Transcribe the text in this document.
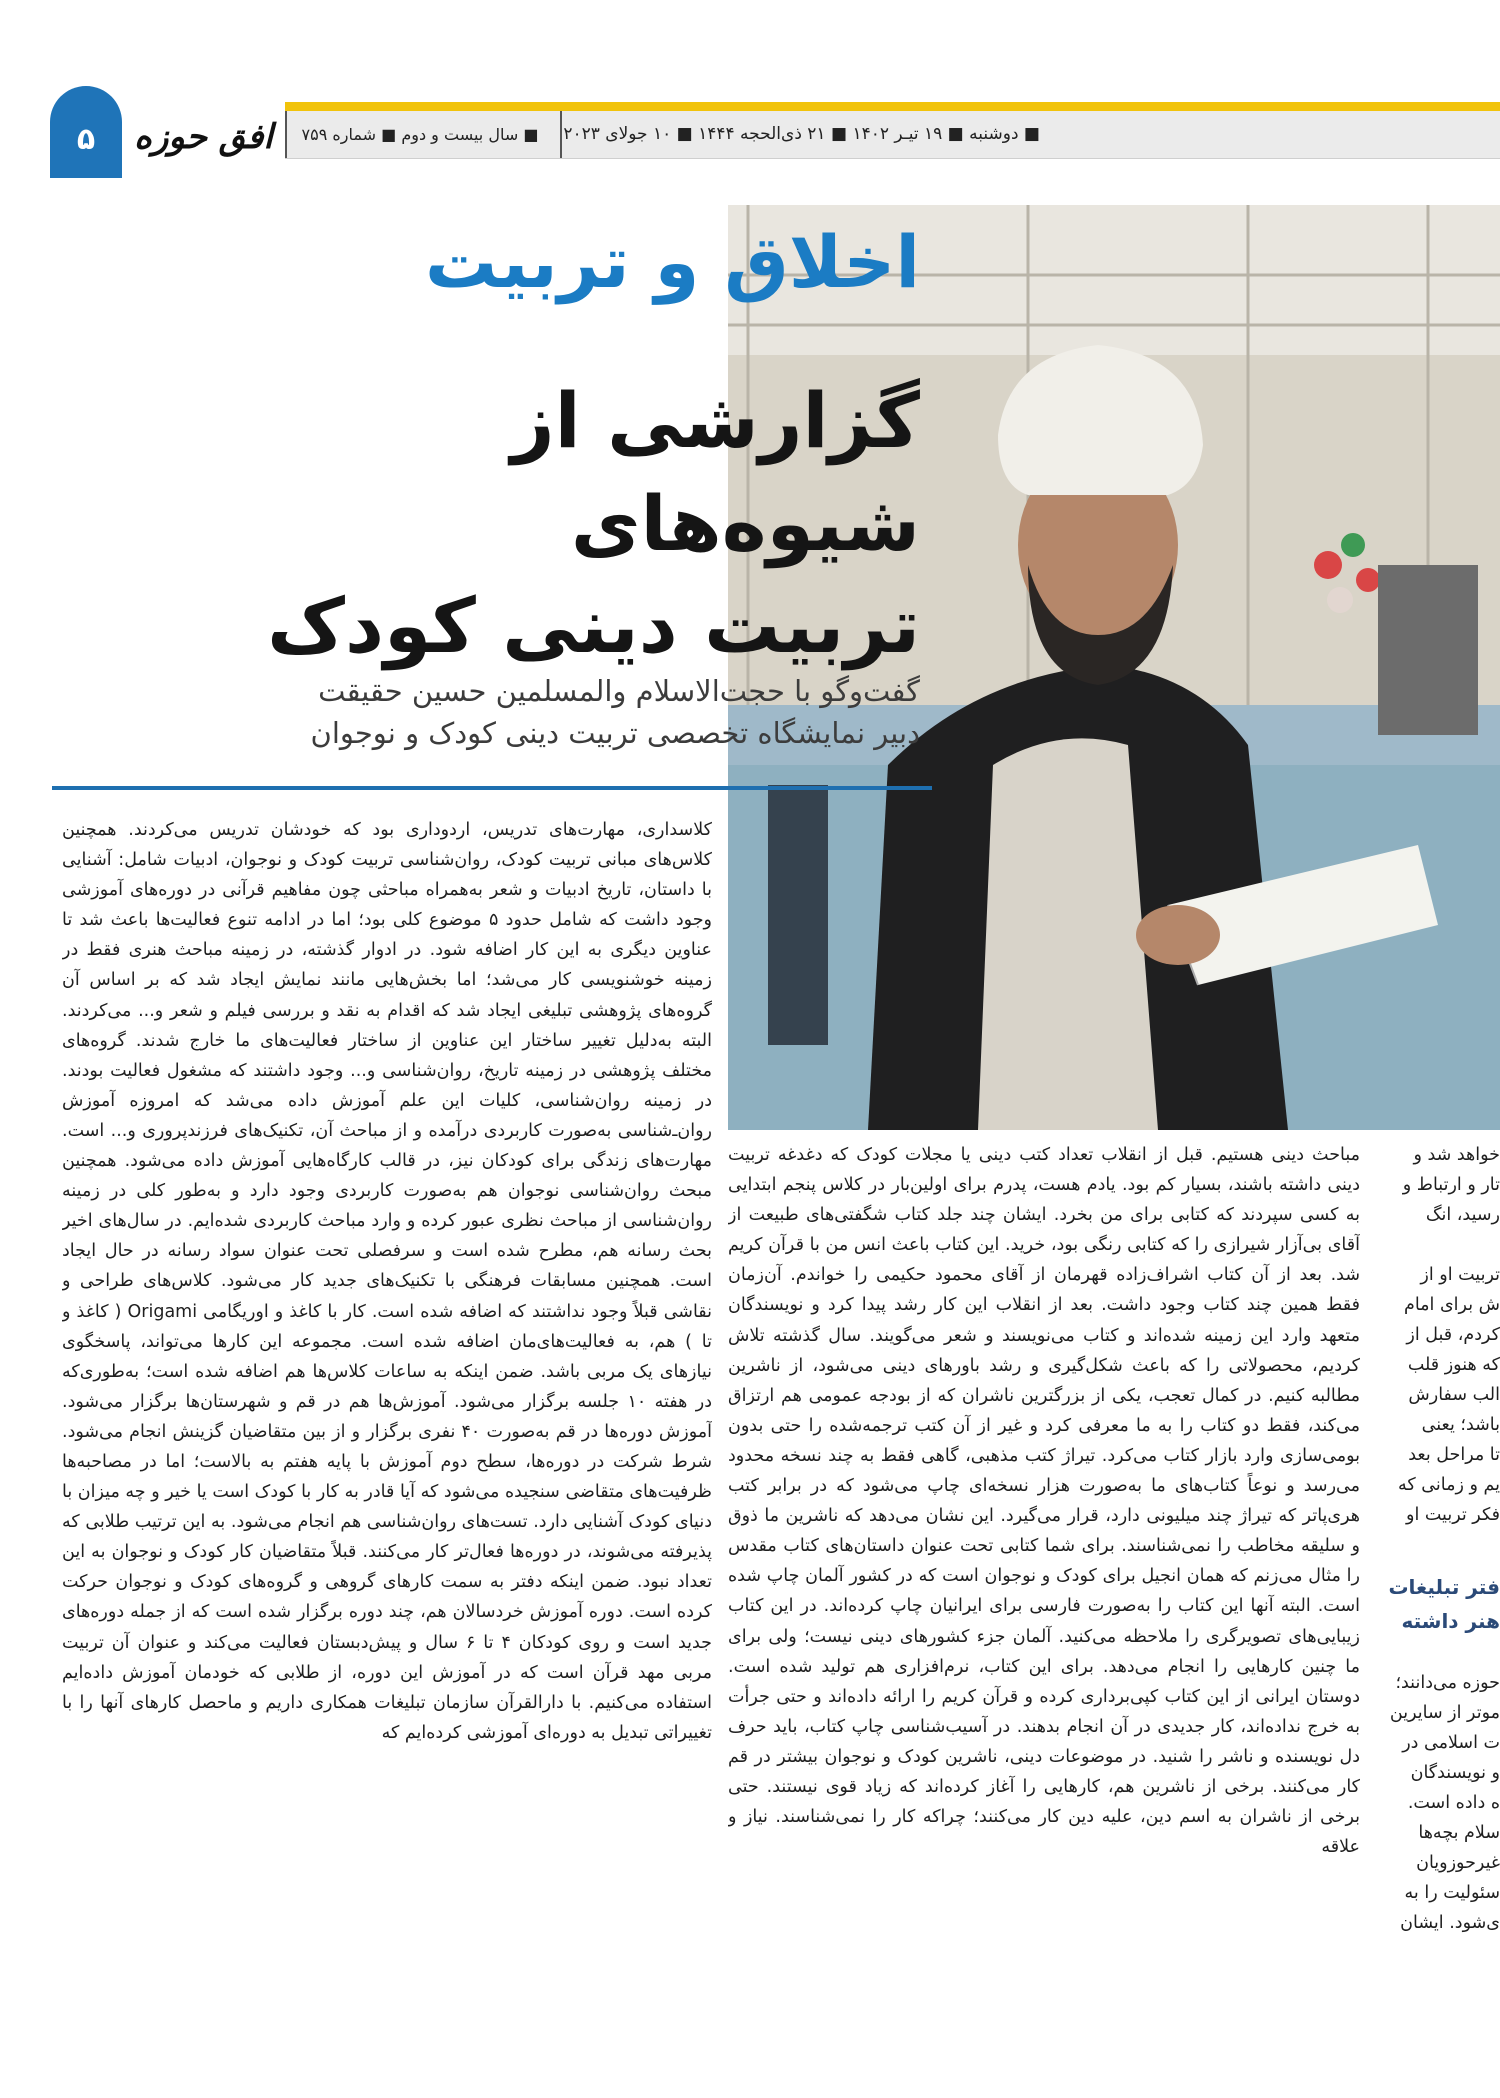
■ دوشنبه ■ ۱۹ تیـر ۱۴۰۲ ■ ۲۱ ذی‌الحجه ۱۴۴۴ ■ ۱۰ جولای ۲۰۲۳
■ سال بیست و دوم ■ شماره ۷۵۹
۵	افق حوزه
اخلاق و تربیت
گزارشی از شیوه‌های
تربیت دینی کودک
گفت‌وگو با حجت‌الاسلام والمسلمین حسین حقیقت
دبیر نمایشگاه تخصصی تربیت دینی کودک و نوجوان
کلاسداری، مهارت‌های تدریس، اردوداری بود که خودشان تدریس می‌کردند. همچنین کلاس‌های مبانی تربیت کودک، روان‌شناسی تربیت کودک و نوجوان، ادبیات شامل: آشنایی با داستان، تاریخ ادبیات و شعر به‌همراه مباحثی چون مفاهیم قرآنی در دوره‌های آموزشی وجود داشت که شامل حدود ۵ موضوع کلی بود؛ اما در ادامه تنوع فعالیت‌ها باعث شد تا عناوین دیگری به این کار اضافه شود. در ادوار گذشته، در زمینه مباحث هنری فقط در زمینه خوشنویسی کار می‌شد؛ اما بخش‌هایی مانند نمایش ایجاد شد که بر اساس آن گروه‌های پژوهشی تبلیغی ایجاد شد که اقدام به نقد و بررسی فیلم و شعر و... می‌کردند. البته به‌دلیل تغییر ساختار این عناوین از ساختار فعالیت‌های ما خارج شدند. گروه‌های مختلف پژوهشی در زمینه تاریخ، روان‌شناسی و... وجود داشتند که مشغول فعالیت بودند. در زمینه روان‌شناسی، کلیات این علم آموزش داده می‌شد که امروزه آموزش روان‌ـ‌شناسی به‌صورت کاربردی درآمده و از مباحث آن، تکنیک‌های فرزندپروری و... است. مهارت‌های زندگی برای کودکان نیز، در قالب کارگاه‌هایی آموزش داده می‌شود. همچنین مبحث روان‌شناسی نوجوان هم به‌صورت کاربردی وجود دارد و به‌طور کلی در زمینه روان‌شناسی از مباحث نظری عبور کرده و وارد مباحث کاربردی شده‌ایم. در سال‌های اخیر بحث رسانه هم، مطرح شده است و سرفصلی تحت عنوان سواد رسانه در حال ایجاد است. همچنین مسابقات فرهنگی با تکنیک‌های جدید کار می‌شود. کلاس‌های طراحی و نقاشی قبلاً وجود نداشتند که اضافه شده است. کار با کاغذ و اوریگامی Origami ( کاغذ و تا ) هم، به فعالیت‌های‌مان اضافه شده است. مجموعه این کارها می‌تواند، پاسخگوی نیازهای یک مربی باشد. ضمن اینکه به ساعات کلاس‌ها هم اضافه شده است؛ به‌طوری‌که در هفته ۱۰ جلسه برگزار می‌شود. آموزش‌ها هم در قم و شهرستان‌ها برگزار می‌شود. آموزش دوره‌ها در قم به‌صورت ۴۰ نفری برگزار و از بین متقاضیان گزینش انجام می‌شود. شرط شرکت در دوره‌ها، سطح دوم آموزش با پایه هفتم به بالاست؛ اما در مصاحبه‌ها ظرفیت‌های متقاضی سنجیده می‌شود که آیا قادر به کار با کودک است یا خیر و چه میزان با دنیای کودک آشنایی دارد. تست‌های روان‌شناسی هم انجام می‌شود. به این ترتیب طلابی که پذیرفته می‌شوند، در دوره‌ها فعال‌تر کار می‌کنند. قبلاً متقاضیان کار کودک و نوجوان به این تعداد نبود. ضمن اینکه دفتر به سمت کارهای گروهی و گروه‌های کودک و نوجوان حرکت کرده است. دوره آموزش خردسالان هم، چند دوره برگزار شده است که از جمله دوره‌های جدید است و روی کودکان ۴ تا ۶ سال و پیش‌دبستان فعالیت می‌کند و عنوان آن تربیت مربی مهد قرآن است که در آموزش این دوره، از طلابی که خودمان آموزش داده‌ایم استفاده می‌کنیم. با دارالقرآن سازمان تبلیغات همکاری داریم و ماحصل کارهای آنها را با تغییراتی تبدیل به دوره‌ای آموزشی کرده‌ایم که
مباحث دینی هستیم. قبل از انقلاب تعداد کتب دینی یا مجلات کودک که دغدغه تربیت دینی داشته باشند، بسیار کم بود. یادم هست، پدرم برای اولین‌بار در کلاس پنجم ابتدایی به کسی سپردند که کتابی برای من بخرد. ایشان چند جلد کتاب شگفتی‌های طبیعت از آقای بی‌آزار شیرازی را که کتابی رنگی بود، خرید. این کتاب باعث انس من با قرآن کریم شد. بعد از آن کتاب اشراف‌زاده قهرمان از آقای محمود حکیمی را خواندم. آن‌زمان فقط همین چند کتاب وجود داشت. بعد از انقلاب این کار رشد پیدا کرد و نویسندگان متعهد وارد این زمینه شده‌اند و کتاب می‌نویسند و شعر می‌گویند. سال گذشته تلاش کردیم، محصولاتی را که باعث شکل‌گیری و رشد باورهای دینی می‌شود، از ناشرین مطالبه کنیم. در کمال تعجب، یکی از بزرگترین ناشران که از بودجه عمومی هم ارتزاق می‌کند، فقط دو کتاب را به ما معرفی کرد و غیر از آن کتب ترجمه‌شده را حتی بدون بومی‌سازی وارد بازار کتاب می‌کرد. تیراژ کتب مذهبی، گاهی فقط به چند نسخه محدود می‌رسد و نوعاً کتاب‌های ما به‌صورت هزار نسخه‌ای چاپ می‌شود که در برابر کتب هری‌پاتر که تیراژ چند میلیونی دارد، قرار می‌گیرد. این نشان می‌دهد که ناشرین ما ذوق و سلیقه مخاطب را نمی‌شناسند. برای شما کتابی تحت عنوان داستان‌های کتاب مقدس را مثال می‌زنم که همان انجیل برای کودک و نوجوان است که در کشور آلمان چاپ شده است. البته آنها این کتاب را به‌صورت فارسی برای ایرانیان چاپ کرده‌اند. در این کتاب زیبایی‌های تصویرگری را ملاحظه می‌کنید. آلمان جزء کشورهای دینی نیست؛ ولی برای ما چنین کارهایی را انجام می‌دهد. برای این کتاب، نرم‌افزاری هم تولید شده است. دوستان ایرانی از این کتاب کپی‌برداری کرده و قرآن کریم را ارائه داده‌اند و حتی جرأت به خرج نداده‌اند، کار جدیدی در آن انجام بدهند. در آسیب‌شناسی چاپ کتاب، باید حرف دل نویسنده و ناشر را شنید. در موضوعات دینی، ناشرین کودک و نوجوان بیشتر در قم کار می‌کنند. برخی از ناشرین هم، کارهایی را آغاز کرده‌اند که زیاد قوی نیستند. حتی برخی از ناشران به اسم دین، علیه دین کار می‌کنند؛ چراکه کار را نمی‌شناسند. نیاز و علاقه
خواهد شد و
تار و ارتباط و
رسید، انگ

تربیت او از
ش برای امام
کردم، قبل از
که هنوز قلب
الب سفارش
باشد؛ یعنی
تا مراحل بعد
یم و زمانی که
فکر تربیت او
فتر تبلیغات
هنر داشته
حوزه می‌دانند؛
موتر از سایرین
ت اسلامی در
و نویسندگان
ه داده است.
سلام بچه‌ها
غیرحوزویان
سئولیت را به
ی‌شود. ایشان
